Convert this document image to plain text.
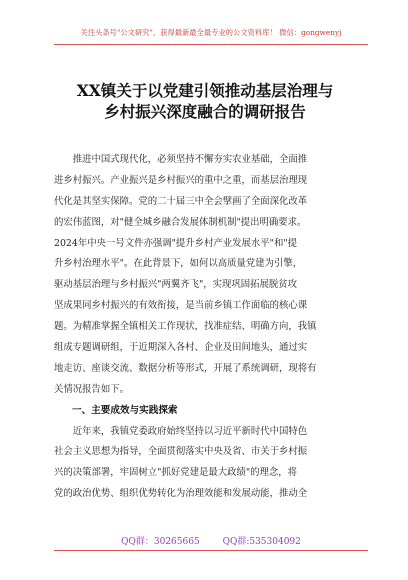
关注头条号"公文研究"，获得最新最全最专业的公文资料库！ 微信：gongwenyj
XX镇关于以党建引领推动基层治理与
乡村振兴深度融合的调研报告

　　推进中国式现代化，必须坚持不懈夯实农业基础，全面推
进乡村振兴。产业振兴是乡村振兴的重中之重，而基层治理现
代化是其坚实保障。党的二十届三中全会擘画了全面深化改革
的宏伟蓝图，对"健全城乡融合发展体制机制"提出明确要求。
2024年中央一号文件亦强调"提升乡村产业发展水平"和"提
升乡村治理水平"。在此背景下，如何以高质量党建为引擎，
驱动基层治理与乡村振兴"两翼齐飞"，实现巩固拓展脱贫攻
坚成果同乡村振兴的有效衔接，是当前乡镇工作面临的核心课
题。为精准掌握全镇相关工作现状，找准症结、明确方向，我镇
组成专题调研组，于近期深入各村、企业及田间地头，通过实
地走访、座谈交流、数据分析等形式，开展了系统调研，现将有
关情况报告如下。

一、主要成效与实践探索

　　近年来，我镇党委政府始终坚持以习近平新时代中国特色
社会主义思想为指导，全面贯彻落实中央及省、市关于乡村振
兴的决策部署，牢固树立"抓好党建是最大政绩"的理念，将
党的政治优势、组织优势转化为治理效能和发展动能，推动全

QQ群：30265665	QQ群:535304092
